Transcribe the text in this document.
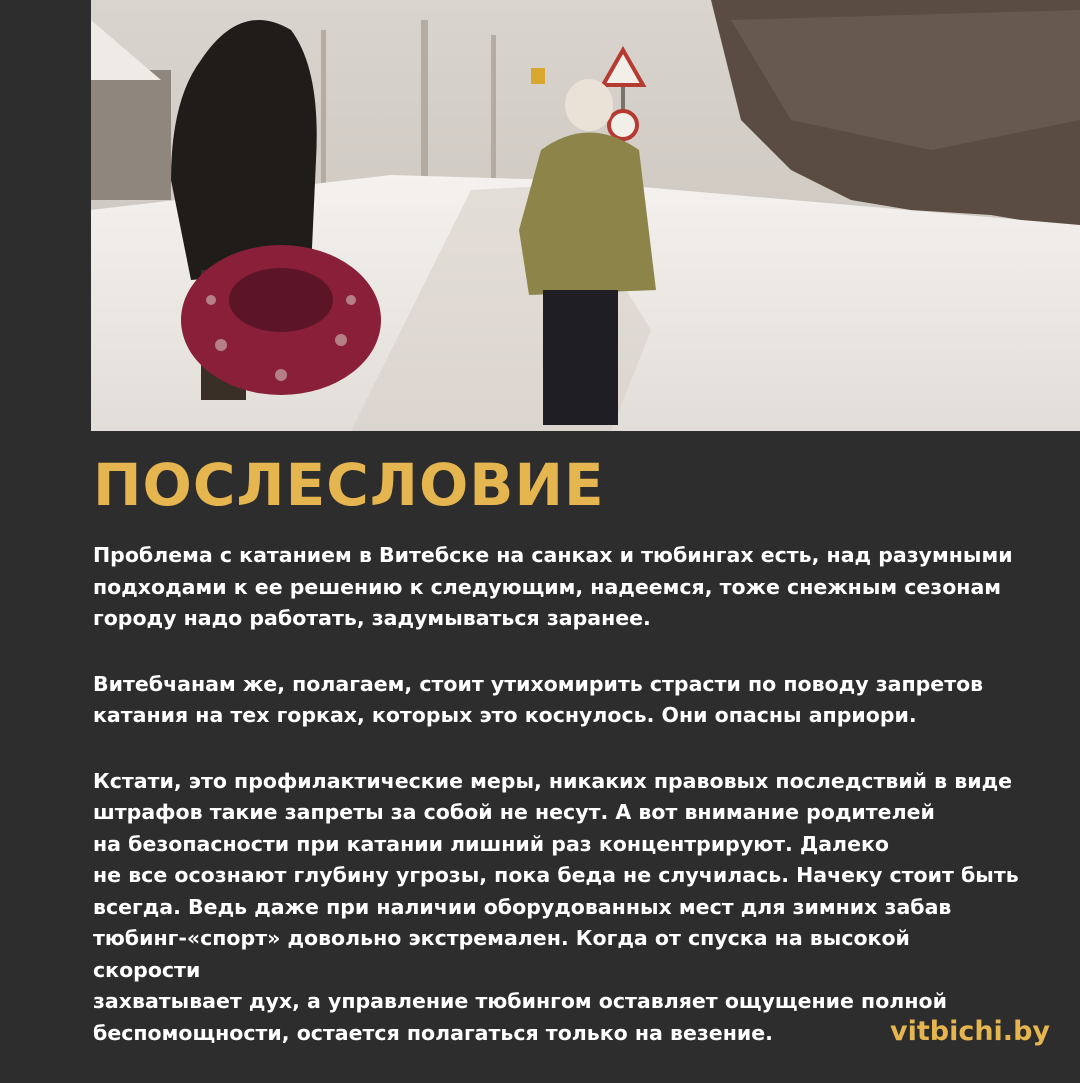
ПОСЛЕСЛОВИЕ

Проблема с катанием в Витебске на санках и тюбингах есть, над разумными
подходами к ее решению к следующим, надеемся, тоже снежным сезонам
городу надо работать, задумываться заранее.

Витебчанам же, полагаем, стоит утихомирить страсти по поводу запретов
катания на тех горках, которых это коснулось. Они опасны априори.

Кстати, это профилактические меры, никаких правовых последствий в виде
штрафов такие запреты за собой не несут. А вот внимание родителей
на безопасности при катании лишний раз концентрируют. Далеко
не все осознают глубину угрозы, пока беда не случилась. Начеку стоит быть
всегда. Ведь даже при наличии оборудованных мест для зимних забав
тюбинг-«спорт» довольно экстремален. Когда от спуска на высокой скорости
захватывает дух, а управление тюбингом оставляет ощущение полной
беспомощности, остается полагаться только на везение.	vitbichi.by
